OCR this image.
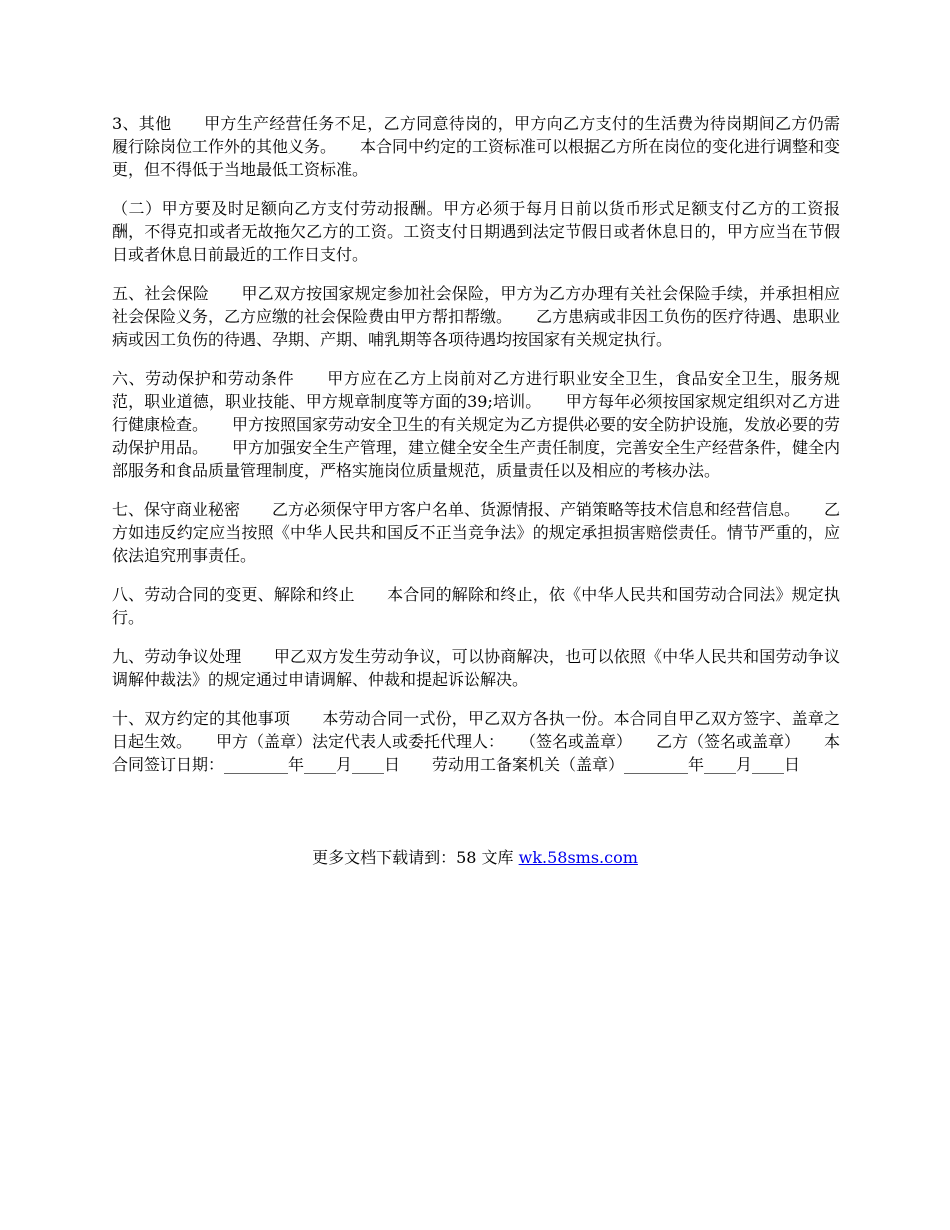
3、其他　　甲方生产经营任务不足，乙方同意待岗的，甲方向乙方支付的生活费为待岗期间乙方仍需履行除岗位工作外的其他义务。　　本合同中约定的工资标准可以根据乙方所在岗位的变化进行调整和变更，但不得低于当地最低工资标准。

（二）甲方要及时足额向乙方支付劳动报酬。甲方必须于每月日前以货币形式足额支付乙方的工资报酬，不得克扣或者无故拖欠乙方的工资。工资支付日期遇到法定节假日或者休息日的，甲方应当在节假日或者休息日前最近的工作日支付。

五、社会保险　　甲乙双方按国家规定参加社会保险，甲方为乙方办理有关社会保险手续，并承担相应社会保险义务，乙方应缴的社会保险费由甲方帮扣帮缴。　　乙方患病或非因工负伤的医疗待遇、患职业病或因工负伤的待遇、孕期、产期、哺乳期等各项待遇均按国家有关规定执行。

六、劳动保护和劳动条件　　甲方应在乙方上岗前对乙方进行职业安全卫生，食品安全卫生，服务规范，职业道德，职业技能、甲方规章制度等方面的39;培训。　　甲方每年必须按国家规定组织对乙方进行健康检查。　　甲方按照国家劳动安全卫生的有关规定为乙方提供必要的安全防护设施，发放必要的劳动保护用品。　　甲方加强安全生产管理，建立健全安全生产责任制度，完善安全生产经营条件，健全内部服务和食品质量管理制度，严格实施岗位质量规范，质量责任以及相应的考核办法。

七、保守商业秘密　　乙方必须保守甲方客户名单、货源情报、产销策略等技术信息和经营信息。　　乙方如违反约定应当按照《中华人民共和国反不正当竞争法》的规定承担损害赔偿责任。情节严重的，应依法追究刑事责任。

八、劳动合同的变更、解除和终止　　本合同的解除和终止，依《中华人民共和国劳动合同法》规定执行。

九、劳动争议处理　　甲乙双方发生劳动争议，可以协商解决，也可以依照《中华人民共和国劳动争议调解仲裁法》的规定通过申请调解、仲裁和提起诉讼解决。

十、双方约定的其他事项　　本劳动合同一式份，甲乙双方各执一份。本合同自甲乙双方签字、盖章之日起生效。　　甲方（盖章）法定代表人或委托代理人：　　（签名或盖章）　　乙方（签名或盖章）　　本合同签订日期：________年____月____日　　劳动用工备案机关（盖章）________年____月____日

更多文档下载请到：58 文库 wk.58sms.com
